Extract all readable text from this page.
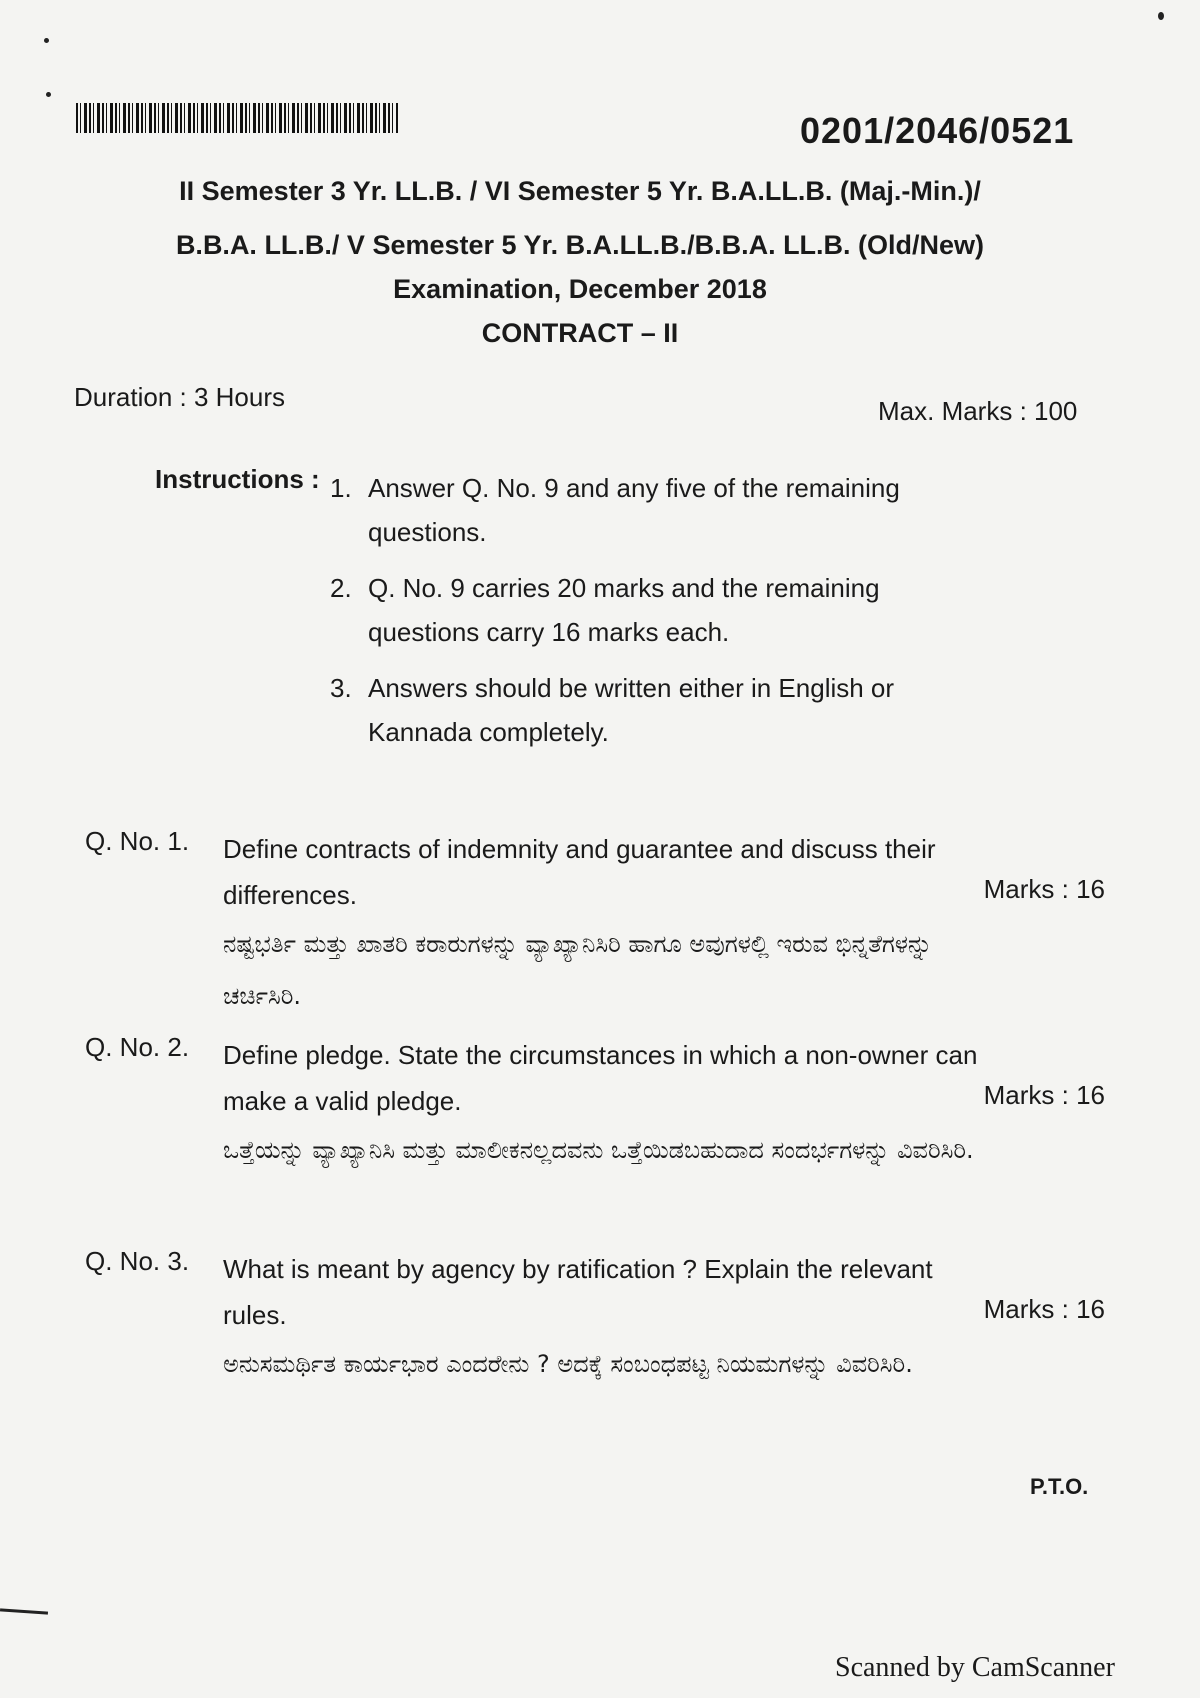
0201/2046/0521
II Semester 3 Yr. LL.B. / VI Semester 5 Yr. B.A.LL.B. (Maj.-Min.)/
B.B.A. LL.B./ V Semester 5 Yr. B.A.LL.B./B.B.A. LL.B. (Old/New)
Examination, December 2018
CONTRACT – II
Duration : 3 Hours	Max. Marks : 100
Instructions : 1. Answer Q. No. 9 and any five of the remaining questions.
2. Q. No. 9 carries 20 marks and the remaining questions carry 16 marks each.
3. Answers should be written either in English or Kannada completely.
Q. No. 1. Define contracts of indemnity and guarantee and discuss their differences.	Marks : 16
ನಷ್ಟಭರ್ತಿ ಮತ್ತು ಖಾತರಿ ಕರಾರುಗಳನ್ನು ವ್ಯಾಖ್ಯಾನಿಸಿರಿ ಹಾಗೂ ಅವುಗಳಲ್ಲಿ ಇರುವ ಭಿನ್ನತೆಗಳನ್ನು ಚರ್ಚಿಸಿರಿ.
Q. No. 2. Define pledge. State the circumstances in which a non-owner can make a valid pledge.	Marks : 16
ಒತ್ತೆಯನ್ನು ವ್ಯಾಖ್ಯಾನಿಸಿ ಮತ್ತು ಮಾಲೀಕನಲ್ಲದವನು ಒತ್ತೆಯಿಡಬಹುದಾದ ಸಂದರ್ಭಗಳನ್ನು ವಿವರಿಸಿರಿ.
Q. No. 3. What is meant by agency by ratification ? Explain the relevant rules.	Marks : 16
ಅನುಸಮರ್ಥಿತ ಕಾರ್ಯಭಾರ ಎಂದರೇನು ? ಅದಕ್ಕೆ ಸಂಬಂಧಪಟ್ಟ ನಿಯಮಗಳನ್ನು ವಿವರಿಸಿರಿ.
P.T.O.
Scanned by CamScanner
